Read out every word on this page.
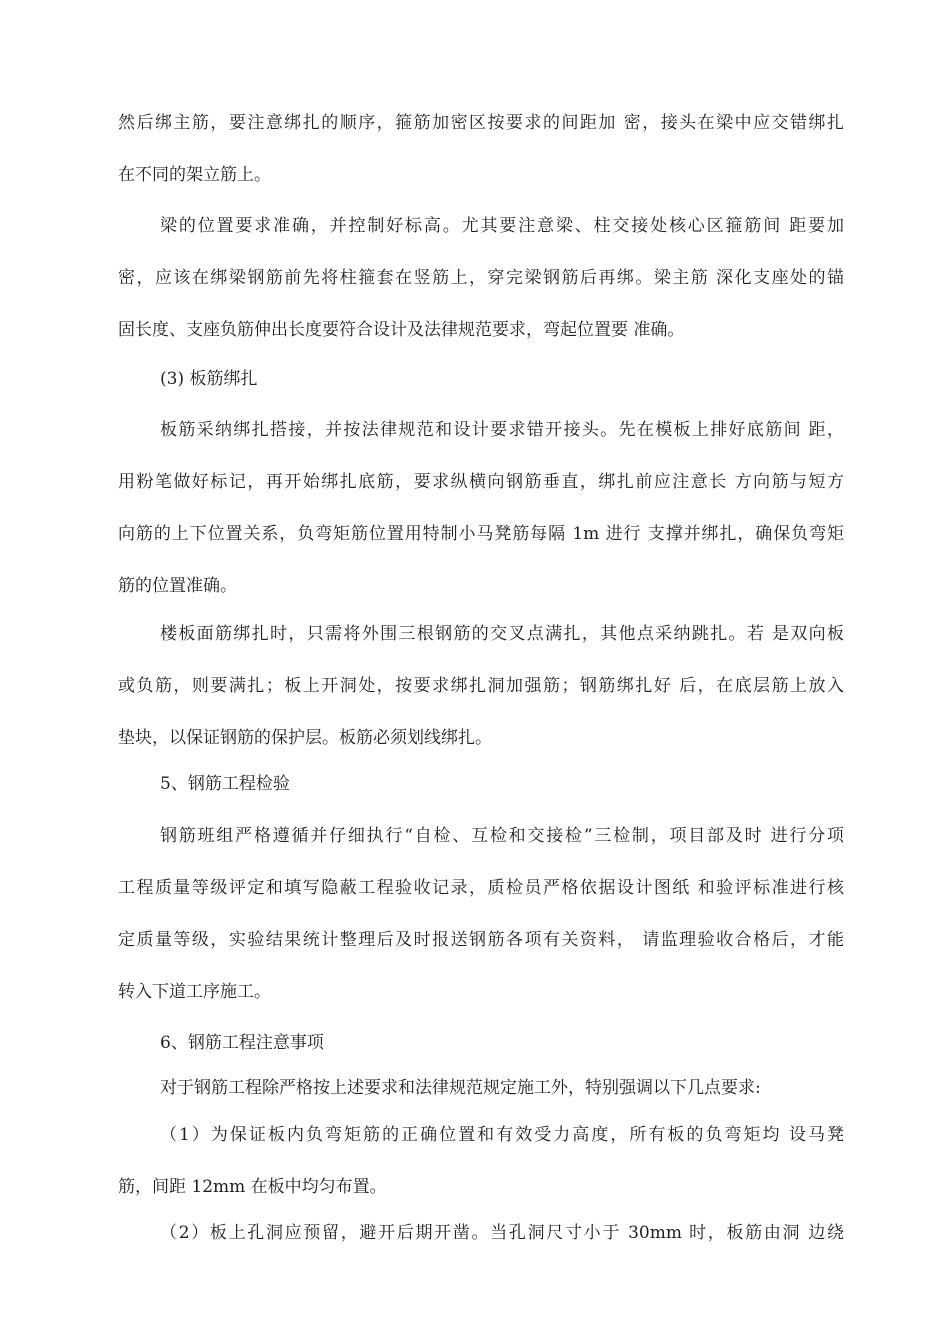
然后绑主筋，要注意绑扎的顺序，箍筋加密区按要求的间距加 密，接头在梁中应交错绑扎
在不同的架立筋上。
梁的位置要求准确，并控制好标高。尤其要注意梁、柱交接处核心区箍筋间 距要加
密，应该在绑梁钢筋前先将柱箍套在竖筋上，穿完梁钢筋后再绑。梁主筋 深化支座处的锚
固长度、支座负筋伸出长度要符合设计及法律规范要求，弯起位置要 准确。

(3) 板筋绑扎

板筋采纳绑扎搭接，并按法律规范和设计要求错开接头。先在模板上排好底筋间 距，
用粉笔做好标记，再开始绑扎底筋，要求纵横向钢筋垂直，绑扎前应注意长 方向筋与短方
向筋的上下位置关系，负弯矩筋位置用特制小马凳筋每隔 1m 进行 支撑并绑扎，确保负弯矩
筋的位置准确。
楼板面筋绑扎时，只需将外围三根钢筋的交叉点满扎，其他点采纳跳扎。若 是双向板
或负筋，则要满扎；板上开洞处，按要求绑扎洞加强筋；钢筋绑扎好 后，在底层筋上放入
垫块，以保证钢筋的保护层。板筋必须划线绑扎。

5、钢筋工程检验

钢筋班组严格遵循并仔细执行“自检、互检和交接检”三检制，项目部及时 进行分项
工程质量等级评定和填写隐蔽工程验收记录，质检员严格依据设计图纸 和验评标准进行核
定质量等级，实验结果统计整理后及时报送钢筋各项有关资料， 请监理验收合格后，才能
转入下道工序施工。

6、钢筋工程注意事项

对于钢筋工程除严格按上述要求和法律规范规定施工外，特别强调以下几点要求:

（1）为保证板内负弯矩筋的正确位置和有效受力高度，所有板的负弯矩均 设马凳
筋，间距 12mm 在板中均匀布置。
（2）板上孔洞应预留，避开后期开凿。当孔洞尺寸小于 30mm 时，板筋由洞 边绕
